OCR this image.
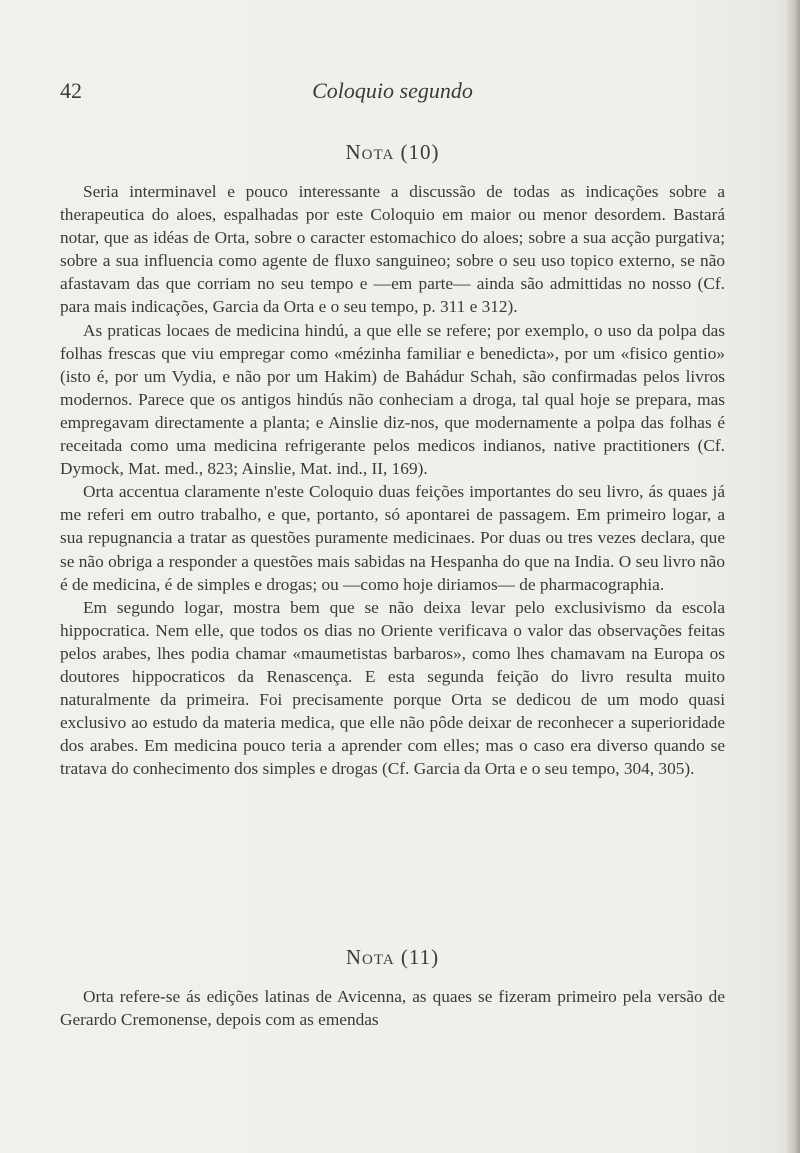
42	Coloquio segundo
Nota (10)

Seria interminavel e pouco interessante a discussão de todas as indicações sobre a therapeutica do aloes, espalhadas por este Coloquio em maior ou menor desordem. Bastará notar, que as idéas de Orta, sobre o caracter estomachico do aloes; sobre a sua acção purgativa; sobre a sua influencia como agente de fluxo sanguineo; sobre o seu uso topico externo, se não afastavam das que corriam no seu tempo e —em parte— ainda são admittidas no nosso (Cf. para mais indicações, Garcia da Orta e o seu tempo, p. 311 e 312).

As praticas locaes de medicina hindú, a que elle se refere; por exemplo, o uso da polpa das folhas frescas que viu empregar como «mézinha familiar e benedicta», por um «fisico gentio» (isto é, por um Vydia, e não por um Hakim) de Bahádur Schah, são confirmadas pelos livros modernos. Parece que os antigos hindús não conheciam a droga, tal qual hoje se prepara, mas empregavam directamente a planta; e Ainslie diz-nos, que modernamente a polpa das folhas é receitada como uma medicina refrigerante pelos medicos indianos, native practitioners (Cf. Dymock, Mat. med., 823; Ainslie, Mat. ind., II, 169).

Orta accentua claramente n'este Coloquio duas feições importantes do seu livro, ás quaes já me referi em outro trabalho, e que, portanto, só apontarei de passagem. Em primeiro logar, a sua repugnancia a tratar as questões puramente medicinaes. Por duas ou tres vezes declara, que se não obriga a responder a questões mais sabidas na Hespanha do que na India. O seu livro não é de medicina, é de simples e drogas; ou —como hoje diriamos— de pharmacographia.

Em segundo logar, mostra bem que se não deixa levar pelo exclusivismo da escola hippocratica. Nem elle, que todos os dias no Oriente verificava o valor das observações feitas pelos arabes, lhes podia chamar «maumetistas barbaros», como lhes chamavam na Europa os doutores hippocraticos da Renascença. E esta segunda feição do livro resulta muito naturalmente da primeira. Foi precisamente porque Orta se dedicou de um modo quasi exclusivo ao estudo da materia medica, que elle não pôde deixar de reconhecer a superioridade dos arabes. Em medicina pouco teria a aprender com elles; mas o caso era diverso quando se tratava do conhecimento dos simples e drogas (Cf. Garcia da Orta e o seu tempo, 304, 305).

Nota (11)

Orta refere-se ás edições latinas de Avicenna, as quaes se fizeram primeiro pela versão de Gerardo Cremonense, depois com as emendas
